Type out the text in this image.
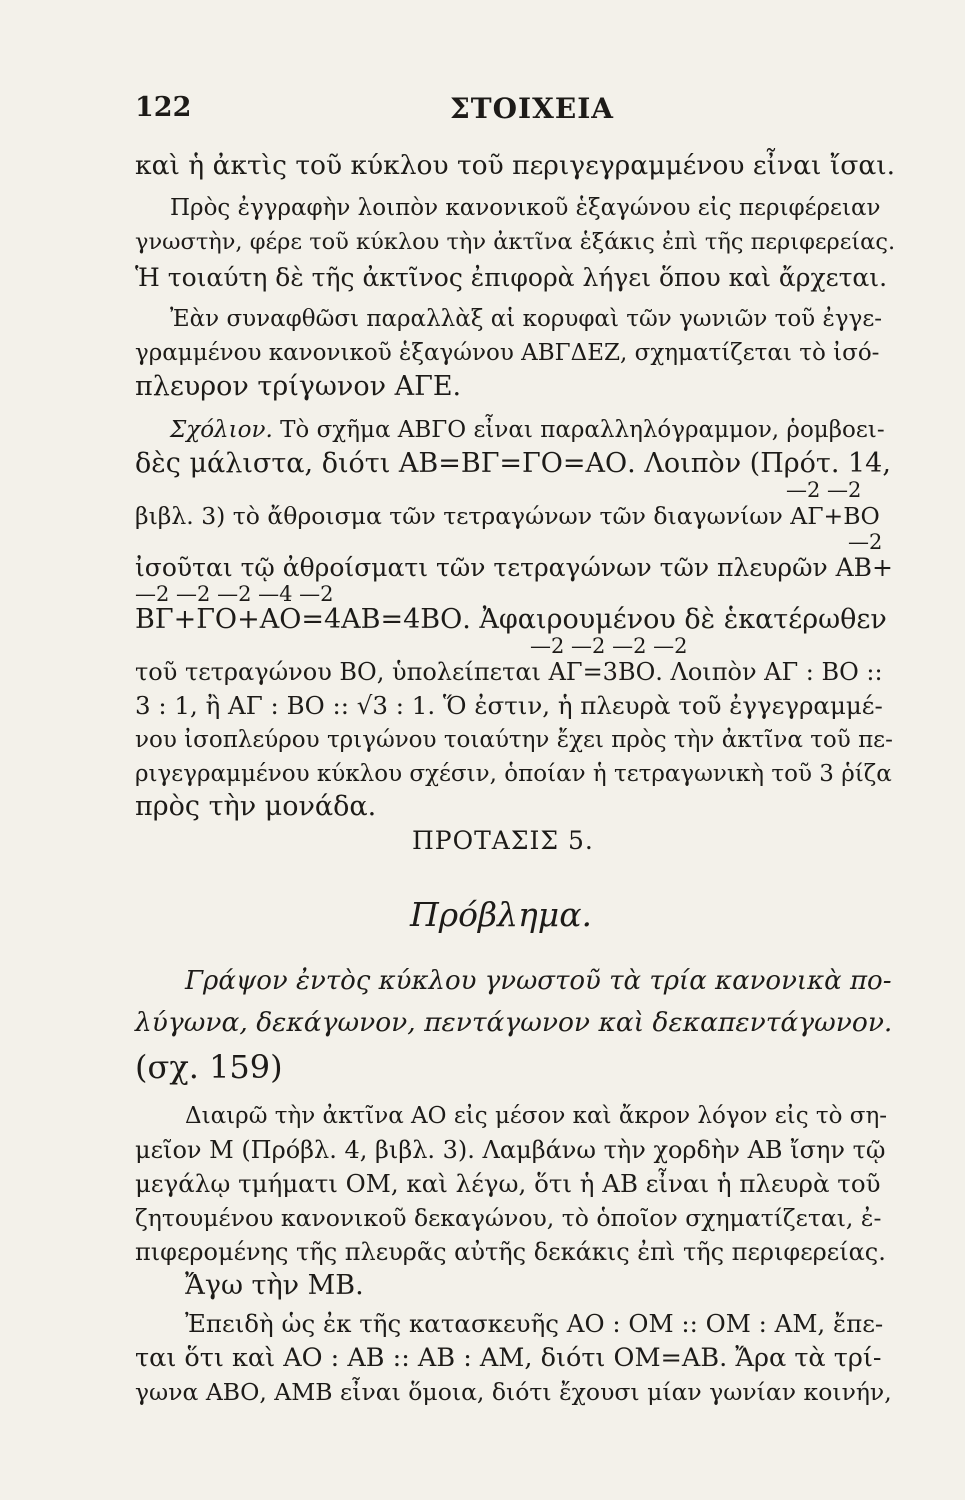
122	ΣΤΟΙΧΕΙΑ
καὶ ἡ ἀκτὶς τοῦ κύκλου τοῦ περιγεγραμμένου εἶναι ἴσαι.
Πρὸς ἐγγραφὴν λοιπὸν κανονικοῦ ἑξαγώνου εἰς περιφέρειαν
γνωστὴν, φέρε τοῦ κύκλου τὴν ἀκτῖνα ἑξάκις ἐπὶ τῆς περιφερείας.
Ἡ τοιαύτη δὲ τῆς ἀκτῖνος ἐπιφορὰ λήγει ὅπου καὶ ἄρχεται.
Ἐὰν συναφθῶσι παραλλὰξ αἱ κορυφαὶ τῶν γωνιῶν τοῦ ἐγγε-
γραμμένου κανονικοῦ ἑξαγώνου ΑΒΓΔΕΖ, σχηματίζεται τὸ ἰσό-
πλευρον τρίγωνον ΑΓΕ.
Σχόλιον. Τὸ σχῆμα ΑΒΓΟ εἶναι παραλληλόγραμμον, ῥομβοει-
δὲς μάλιστα, διότι ΑΒ=ΒΓ=ΓΟ=ΑΟ. Λοιπὸν (Πρότ. 14,
—2 —2
βιβλ. 3) τὸ ἄθροισμα τῶν τετραγώνων τῶν διαγωνίων ΑΓ+ΒΟ
—2
ἰσοῦται τῷ ἀθροίσματι τῶν τετραγώνων τῶν πλευρῶν ΑΒ+
—2 —2 —2 —4 —2
ΒΓ+ΓΟ+ΑΟ=4ΑΒ=4ΒΟ. Ἀφαιρουμένου δὲ ἑκατέρωθεν
—2 —2 —2 —2
τοῦ τετραγώνου ΒΟ, ὑπολείπεται ΑΓ=3ΒΟ. Λοιπὸν ΑΓ : ΒΟ ::
3 : 1, ἢ ΑΓ : ΒΟ :: √3 : 1. Ὅ ἐστιν, ἡ πλευρὰ τοῦ ἐγγεγραμμέ-
νου ἰσοπλεύρου τριγώνου τοιαύτην ἔχει πρὸς τὴν ἀκτῖνα τοῦ πε-
ριγεγραμμένου κύκλου σχέσιν, ὁποίαν ἡ τετραγωνικὴ τοῦ 3 ῥίζα
πρὸς τὴν μονάδα.
ΠΡΟΤΑΣΙΣ 5.
Πρόβλημα.
Γράψον ἐντὸς κύκλου γνωστοῦ τὰ τρία κανονικὰ πο-
λύγωνα, δεκάγωνον, πεντάγωνον καὶ δεκαπεντάγωνον.
(σχ. 159)
Διαιρῶ τὴν ἀκτῖνα ΑΟ εἰς μέσον καὶ ἄκρον λόγον εἰς τὸ ση-
μεῖον Μ (Πρόβλ. 4, βιβλ. 3). Λαμβάνω τὴν χορδὴν ΑΒ ἴσην τῷ
μεγάλῳ τμήματι ΟΜ, καὶ λέγω, ὅτι ἡ ΑΒ εἶναι ἡ πλευρὰ τοῦ
ζητουμένου κανονικοῦ δεκαγώνου, τὸ ὁποῖον σχηματίζεται, ἐ-
πιφερομένης τῆς πλευρᾶς αὐτῆς δεκάκις ἐπὶ τῆς περιφερείας.
Ἄγω τὴν ΜΒ.
Ἐπειδὴ ὡς ἐκ τῆς κατασκευῆς ΑΟ : ΟΜ :: ΟΜ : ΑΜ, ἔπε-
ται ὅτι καὶ ΑΟ : ΑΒ :: ΑΒ : ΑΜ, διότι ΟΜ=ΑΒ. Ἄρα τὰ τρί-
γωνα ΑΒΟ, ΑΜΒ εἶναι ὅμοια, διότι ἔχουσι μίαν γωνίαν κοινήν,
